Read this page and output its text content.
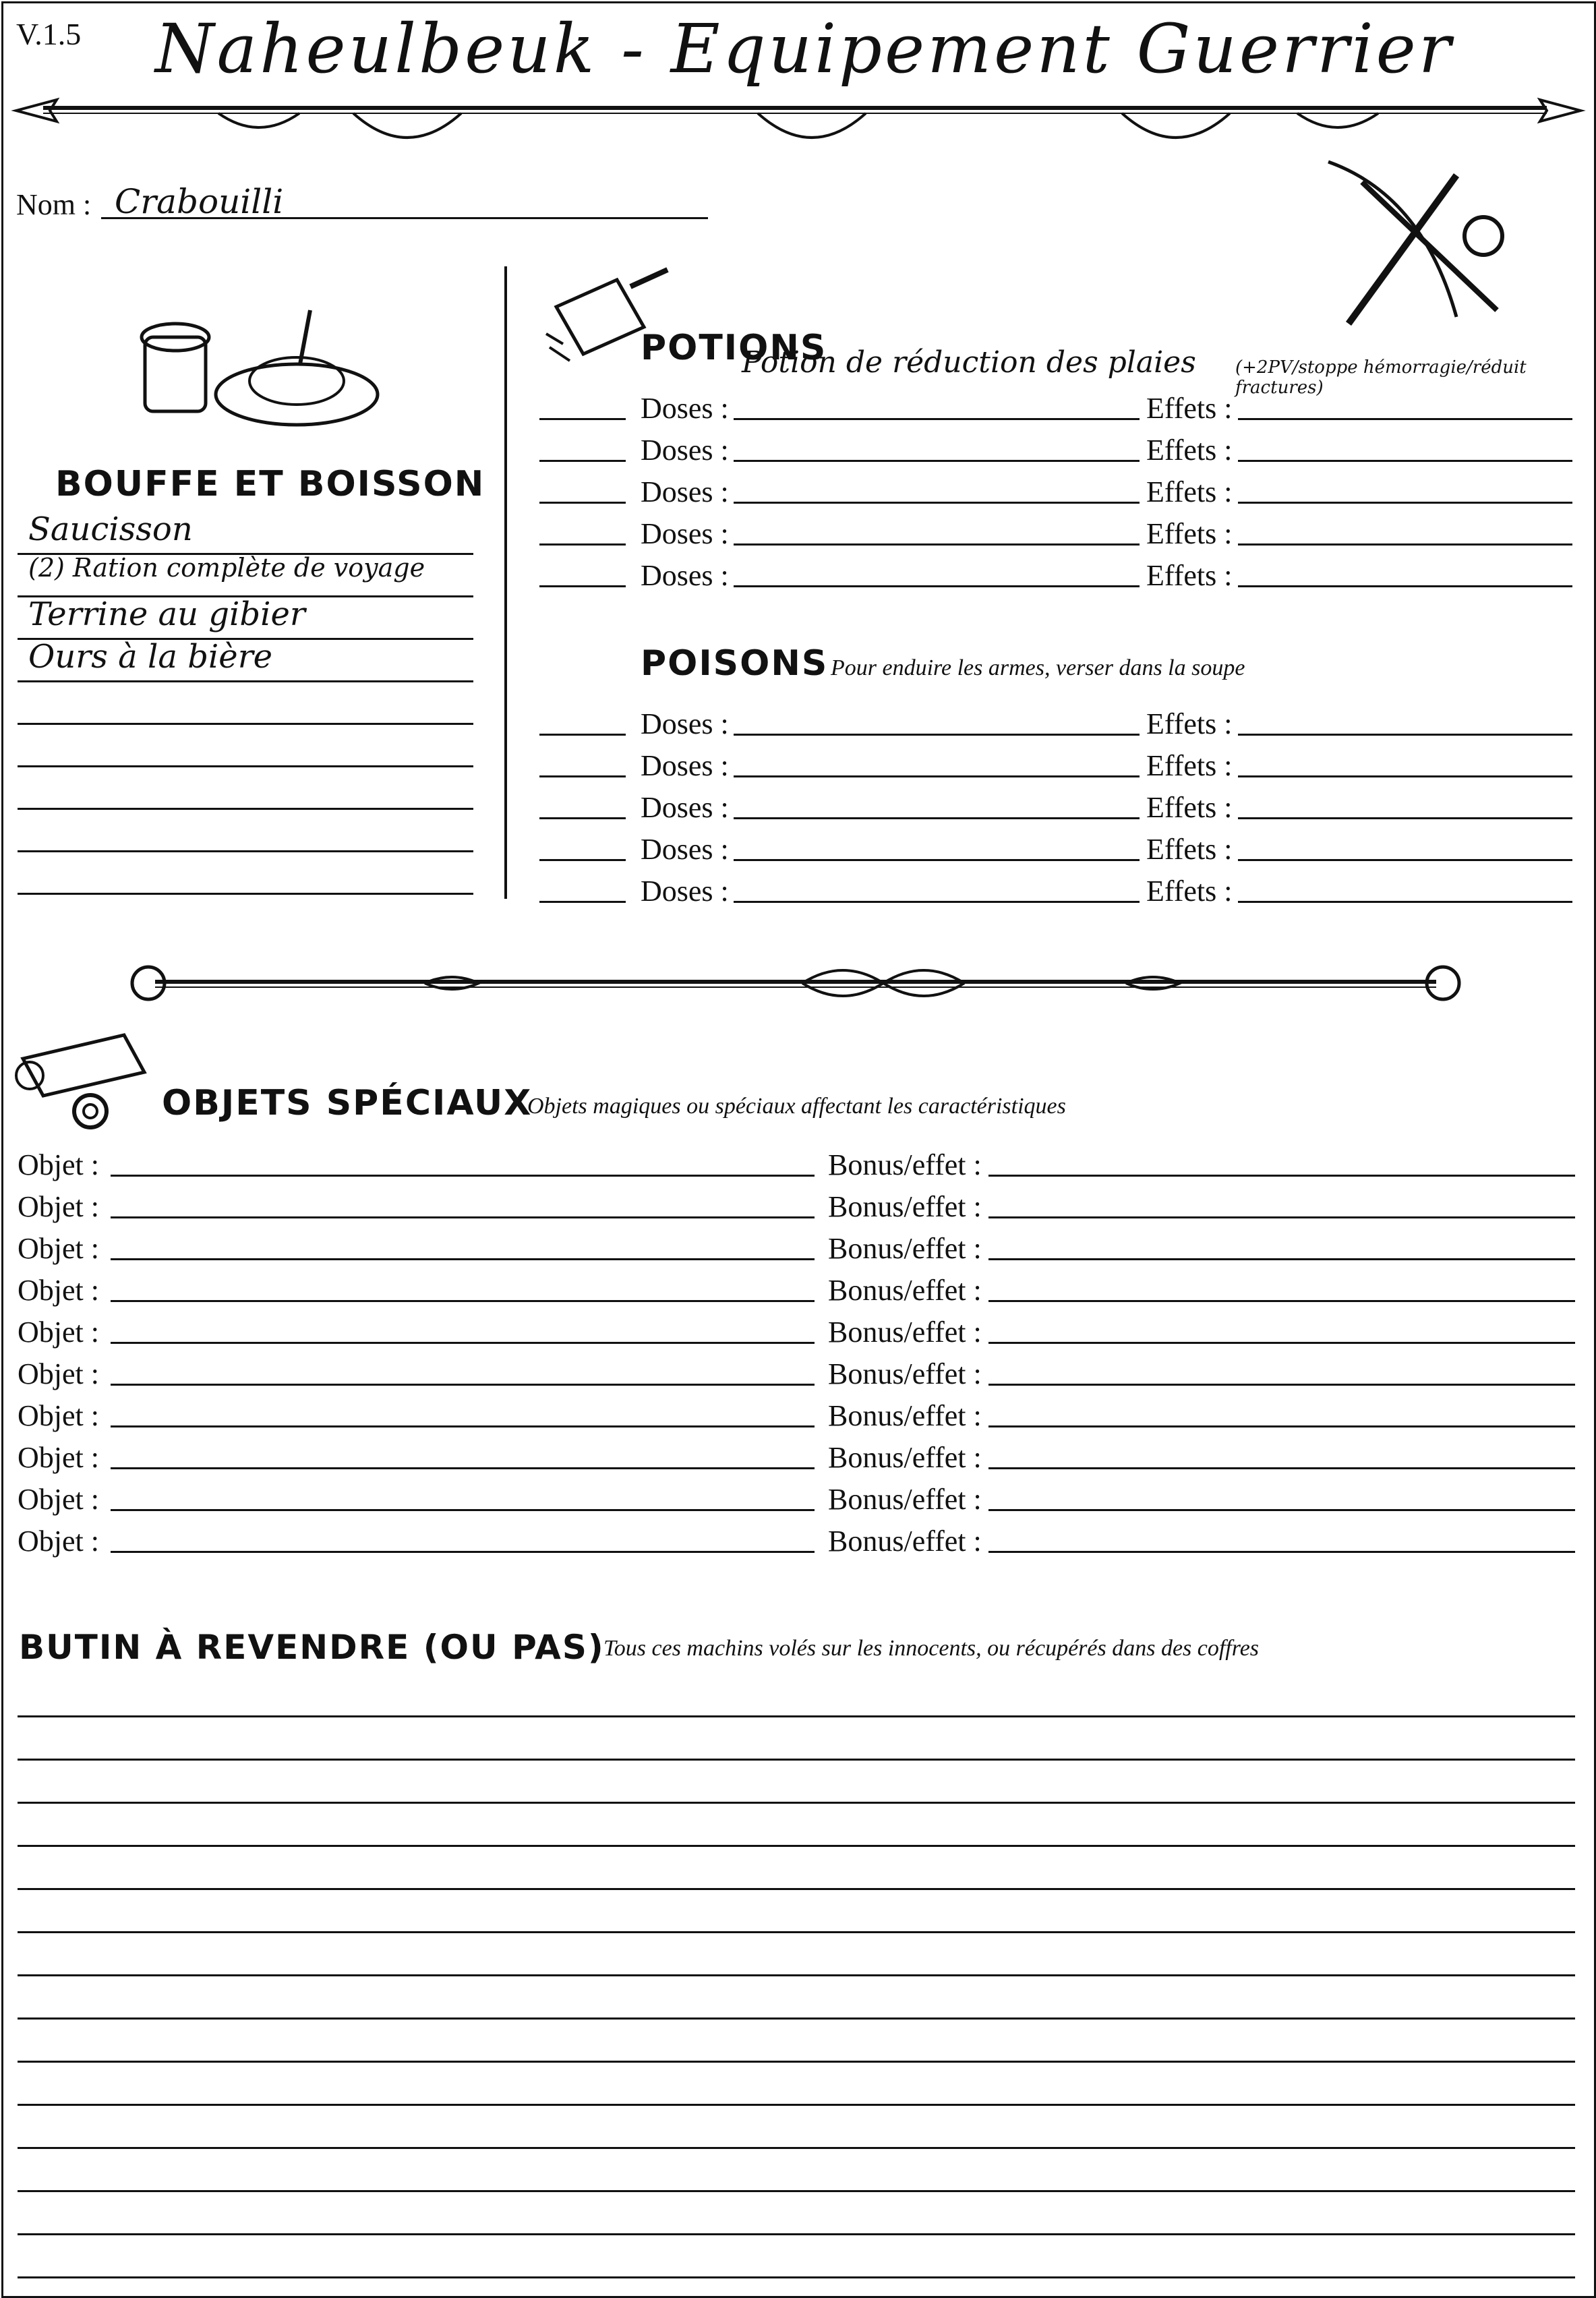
V.1.5 Naheulbeuk - Equipement Guerrier
Nom : Crabouilli
BOUFFE ET BOISSON
Saucisson
(2) Ration complète de voyage
Terrine au gibier
Ours à la bière
POTIONS
Potion de réduction des plaies (+2PV/stoppe hémorragie/réduit fractures)
Doses :	Effets :
Doses :	Effets :
Doses :	Effets :
Doses :	Effets :
Doses :	Effets :
POISONS Pour enduire les armes, verser dans la soupe
Doses :	Effets :
Doses :	Effets :
Doses :	Effets :
Doses :	Effets :
Doses :	Effets :
OBJETS SPÉCIAUX
Objets magiques ou spéciaux affectant les caractéristiques
Objet :	Bonus/effet :
Objet :	Bonus/effet :
Objet :	Bonus/effet :
Objet :	Bonus/effet :
Objet :	Bonus/effet :
Objet :	Bonus/effet :
Objet :	Bonus/effet :
Objet :	Bonus/effet :
Objet :	Bonus/effet :
Objet :	Bonus/effet :
BUTIN À REVENDRE (OU PAS)
Tous ces machins volés sur les innocents, ou récupérés dans des coffres
